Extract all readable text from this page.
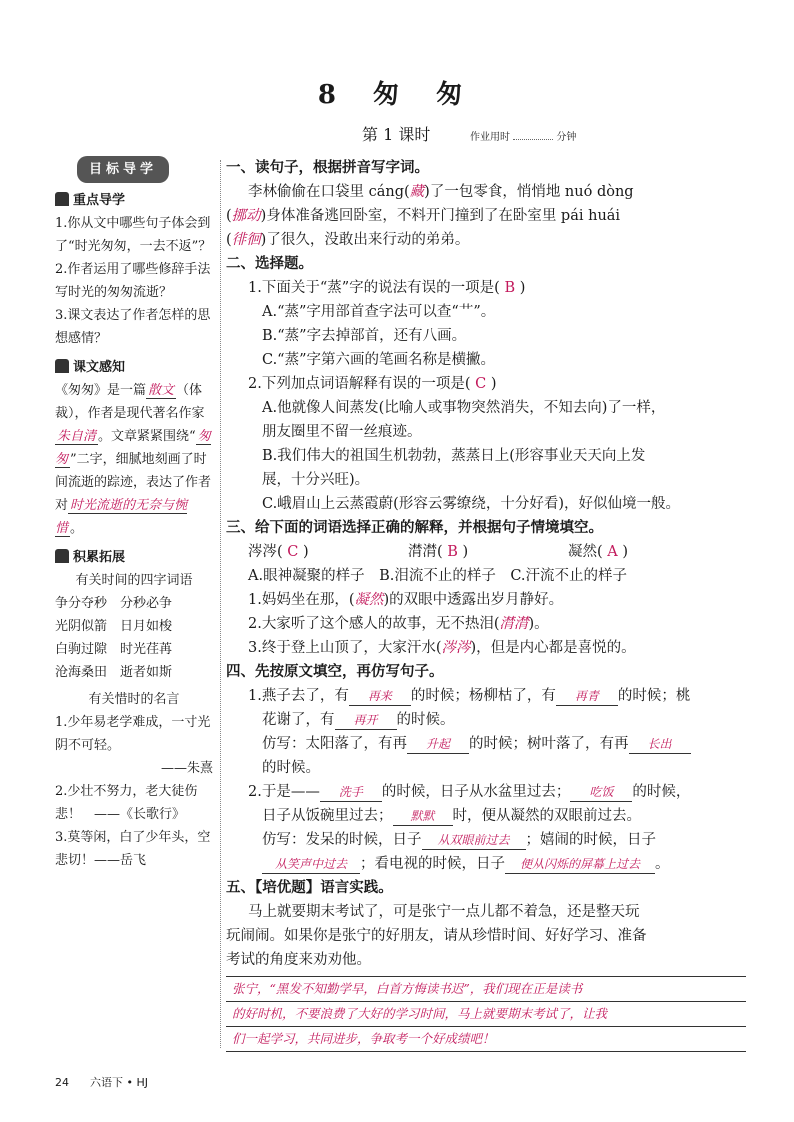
8 匆 匆
第 1 课时	作业用时	分钟
目标导学
重点导学
1.你从文中哪些句子体会到了“时光匆匆，一去不返”？
2.作者运用了哪些修辞手法写时光的匆匆流逝？
3.课文表达了作者怎样的思想感情？
课文感知
《匆匆》是一篇 散文 （体裁），作者是现代著名作家朱自清 。文章紧紧围绕“ 匆匆 ”二字，细腻地刻画了时间流逝的踪迹，表达了作者对 时光流逝的无奈与惋惜 。
积累拓展
有关时间的四字词语
争分夺秒　分秒必争
光阴似箭　日月如梭
白驹过隙　时光荏苒
沧海桑田　逝者如斯
有关惜时的名言
1.少年易老学难成，一寸光阴不可轻。
——朱熹
2.少壮不努力，老大徒伤悲！　——《长歌行》
3.莫等闲，白了少年头，空悲切！——岳飞

一、读句子，根据拼音写字词。

李林偷偷在口袋里 cáng(藏)了一包零食，悄悄地 nuó dòng

(挪动)身体准备逃回卧室，不料开门撞到了在卧室里 pái huái

(徘徊)了很久，没敢出来行动的弟弟。

二、选择题。

1.下面关于“蒸”字的说法有误的一项是( B )

A.“蒸”字用部首查字法可以查“艹”。

B.“蒸”字去掉部首，还有八画。

C.“蒸”字第六画的笔画名称是横撇。

2.下列加点词语解释有误的一项是( C )

A.他就像人间蒸发(比喻人或事物突然消失，不知去向)了一样，

朋友圈里不留一丝痕迹。

B.我们伟大的祖国生机勃勃，蒸蒸日上(形容事业天天向上发

展，十分兴旺)。

C.峨眉山上云蒸霞蔚(形容云雾缭绕，十分好看)，好似仙境一般。

三、给下面的词语选择正确的解释，并根据句子情境填空。

涔涔( C )	潸潸( B )	凝然( A )

A.眼神凝聚的样子　B.泪流不止的样子　C.汗流不止的样子

1.妈妈坐在那，(凝然)的双眼中透露出岁月静好。

2.大家听了这个感人的故事，无不热泪(潸潸)。

3.终于登上山顶了，大家汗水(涔涔)，但是内心都是喜悦的。

四、先按原文填空，再仿写句子。

1.燕子去了，有 再来 的时候；杨柳枯了，有 再青 的时候；桃

花谢了，有 再开 的时候。

仿写：太阳落了，有再 升起 的时候；树叶落了，有再 长出

的时候。

2.于是—— 洗手 的时候，日子从水盆里过去； 吃饭 的时候，

日子从饭碗里过去； 默默 时，便从凝然的双眼前过去。

仿写：发呆的时候，日子 从双眼前过去 ；嬉闹的时候，日子

从笑声中过去 ；看电视的时候，日子 便从闪烁的屏幕上过去 。

五、【培优题】语言实践。

马上就要期末考试了，可是张宁一点儿都不着急，还是整天玩

玩闹闹。如果你是张宁的好朋友，请从珍惜时间、好好学习、准备

考试的角度来劝劝他。

张宁，“黑发不知勤学早，白首方悔读书迟”，我们现在正是读书
的好时机，不要浪费了大好的学习时间，马上就要期末考试了，让我
们一起学习，共同进步，争取考一个好成绩吧！
24 六语下 • HJ
